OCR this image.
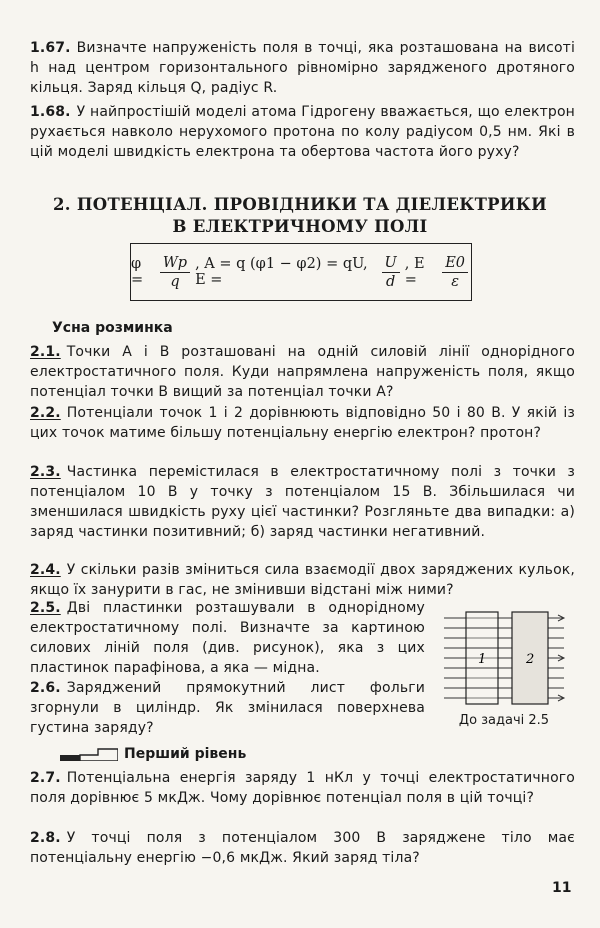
1.67. Визначте напруженість поля в точці, яка розташована на висоті h над центром горизонтального рівномірно зарядженого дротяного кільця. Заряд кільця Q, радіус R.
1.68. У найпростішій моделі атома Гідрогену вважається, що електрон рухається навколо нерухомого протона по колу радіусом 0,5 нм. Які в цій моделі швидкість електрона та обертова частота його руху?
2. ПОТЕНЦІАЛ. ПРОВІДНИКИ ТА ДІЕЛЕКТРИКИ
В ЕЛЕКТРИЧНОМУ ПОЛІ
φ =	$\frac{Wp}{q}$ , A = q (φ1 − φ2) = qU, E =	$\frac{U}{d}$ , E =	$\frac{E0}{\varepsilon}$
Усна розминка
2.1. Точки A і B розташовані на одній силовій лінії однорідного електростатичного поля. Куди напрямлена напруженість поля, якщо потенціал точки B вищий за потенціал точки A?
2.2. Потенціали точок 1 і 2 дорівнюють відповідно 50 і 80 В. У якій із цих точок матиме більшу потенціальну енергію електрон? протон?
2.3. Частинка перемістилася в електростатичному полі з точки з потенціалом 10 В у точку з потенціалом 15 В. Збільшилася чи зменшилася швидкість руху цієї частинки? Розгляньте два випадки: а) заряд частинки позитивний; б) заряд частинки негативний.
2.4. У скільки разів зміниться сила взаємодії двох заряджених кульок, якщо їх занурити в гас, не змінивши відстані між ними?
2.5. Дві пластинки розташували в однорідному електростатичному полі. Визначте за картиною силових ліній поля (див. рисунок), яка з цих пластинок парафінова, а яка — мідна.
2.6. Заряджений прямокутний лист фольги згорнули в циліндр. Як змінилася поверхнева густина заряду?
1	2
До задачі 2.5
Перший рівень
2.7. Потенціальна енергія заряду 1 нКл у точці електростатичного поля дорівнює 5 мкДж. Чому дорівнює потенціал поля в цій точці?
2.8. У точці поля з потенціалом 300 В заряджене тіло має потенціальну енергію −0,6 мкДж. Який заряд тіла?
11
